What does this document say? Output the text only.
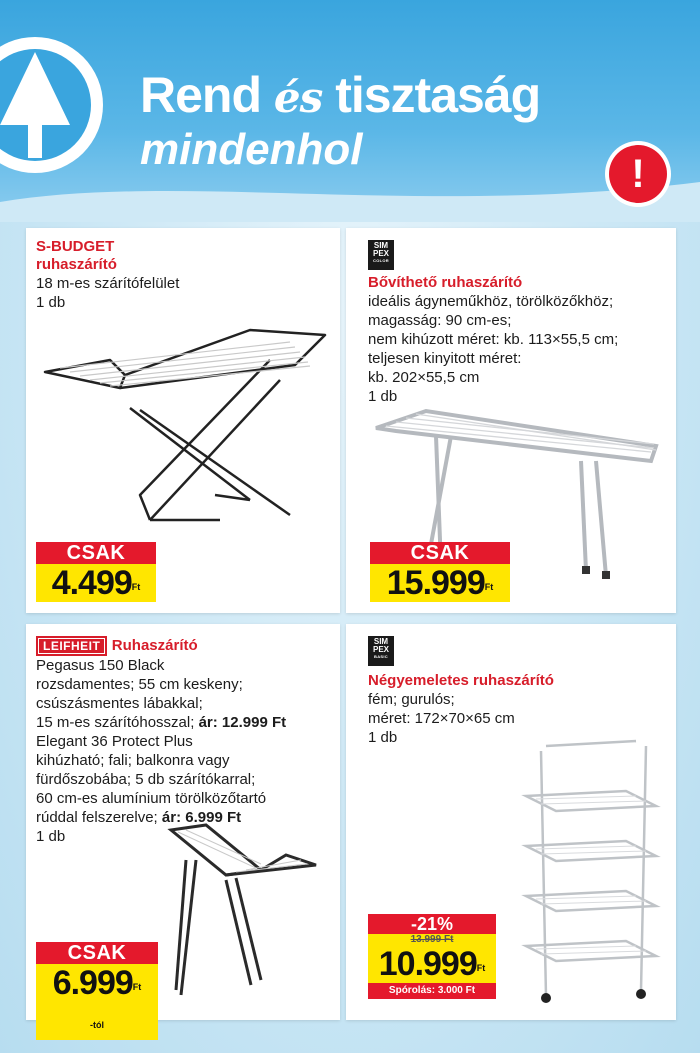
Rend és tisztaság
mindenhol	!
S-BUDGET
ruhaszárító
18 m-es szárítófelület
1 db
CSAK
$4.499^{Ft}$
SIM PEX
COLOR
Bővíthető ruhaszárító
ideális ágyneműkhöz, törölközőkhöz;
magasság: 90 cm-es;
nem kihúzott méret: kb. 113×55,5 cm;
teljesen kinyitott méret:
kb. 202×55,5 cm
1 db
CSAK
$15.999^{Ft}$
LEIFHEIT Ruhaszárító
Pegasus 150 Black
rozsdamentes; 55 cm keskeny;
csúszásmentes lábakkal;
15 m-es szárítóhosszal; ár: 12.999 Ft
Elegant 36 Protect Plus
kihúzható; fali; balkonra vagy
fürdőszobába; 5 db szárítókarral;
60 cm-es alumínium törölközőtartó
rúddal felszerelve; ár: 6.999 Ft
1 db
CSAK
$6.999^{Ft -tól}$
SIM PEX
BASIC
Négyemeletes ruhaszárító
fém; gurulós;
méret: 172×70×65 cm
1 db
-21%
13.999 Ft
$10.999^{Ft}$
Spórolás: 3.000 Ft
